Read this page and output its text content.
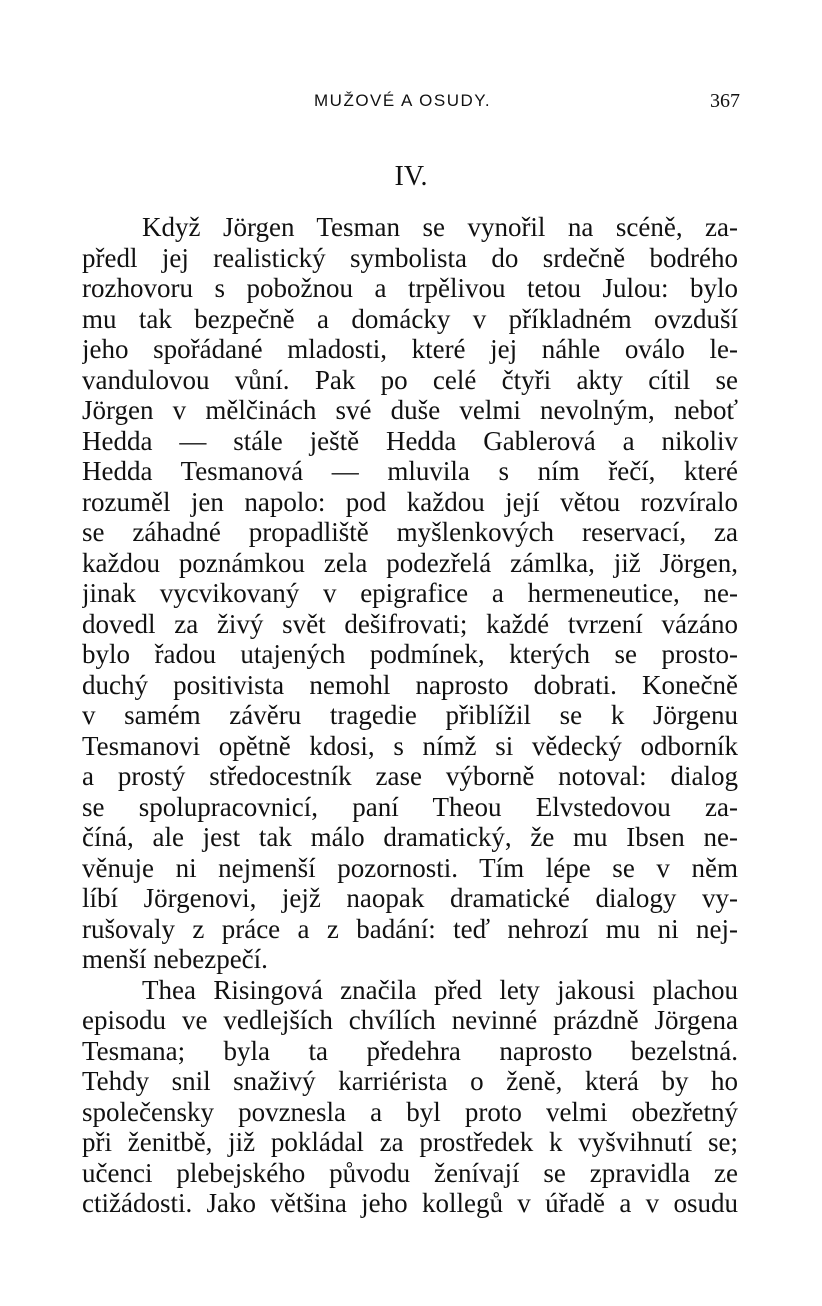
MUŽOVÉ A OSUDY.	367
IV.
Když Jörgen Tesman se vynořil na scéně, za-
předl jej realistický symbolista do srdečně bodrého
rozhovoru s pobožnou a trpělivou tetou Julou: bylo
mu tak bezpečně a domácky v příkladném ovzduší
jeho spořádané mladosti, které jej náhle oválo le-
vandulovou vůní. Pak po celé čtyři akty cítil se
Jörgen v mělčinách své duše velmi nevolným, neboť
Hedda — stále ještě Hedda Gablerová a nikoliv
Hedda Tesmanová — mluvila s ním řečí, které
rozuměl jen napolo: pod každou její větou rozvíralo
se záhadné propadliště myšlenkových reservací, za
každou poznámkou zela podezřelá zámlka, již Jörgen,
jinak vycvikovaný v epigrafice a hermeneutice, ne-
dovedl za živý svět dešifrovati; každé tvrzení vázáno
bylo řadou utajených podmínek, kterých se prosto-
duchý positivista nemohl naprosto dobrati. Konečně
v samém závěru tragedie přiblížil se k Jörgenu
Tesmanovi opětně kdosi, s nímž si vědecký odborník
a prostý středocestník zase výborně notoval: dialog
se spolupracovnicí, paní Theou Elvstedovou za-
číná, ale jest tak málo dramatický, že mu Ibsen ne-
věnuje ni nejmenší pozornosti. Tím lépe se v něm
líbí Jörgenovi, jejž naopak dramatické dialogy vy-
rušovaly z práce a z badání: teď nehrozí mu ni nej-
menší nebezpečí.
Thea Risingová značila před lety jakousi plachou
episodu ve vedlejších chvílích nevinné prázdně Jörgena
Tesmana; byla ta předehra naprosto bezelstná.
Tehdy snil snaživý karriérista o ženě, která by ho
společensky povznesla a byl proto velmi obezřetný
při ženitbě, již pokládal za prostředek k vyšvihnutí se;
učenci plebejského původu ženívají se zpravidla ze
ctižádosti. Jako většina jeho kollegů v úřadě a v osudu
